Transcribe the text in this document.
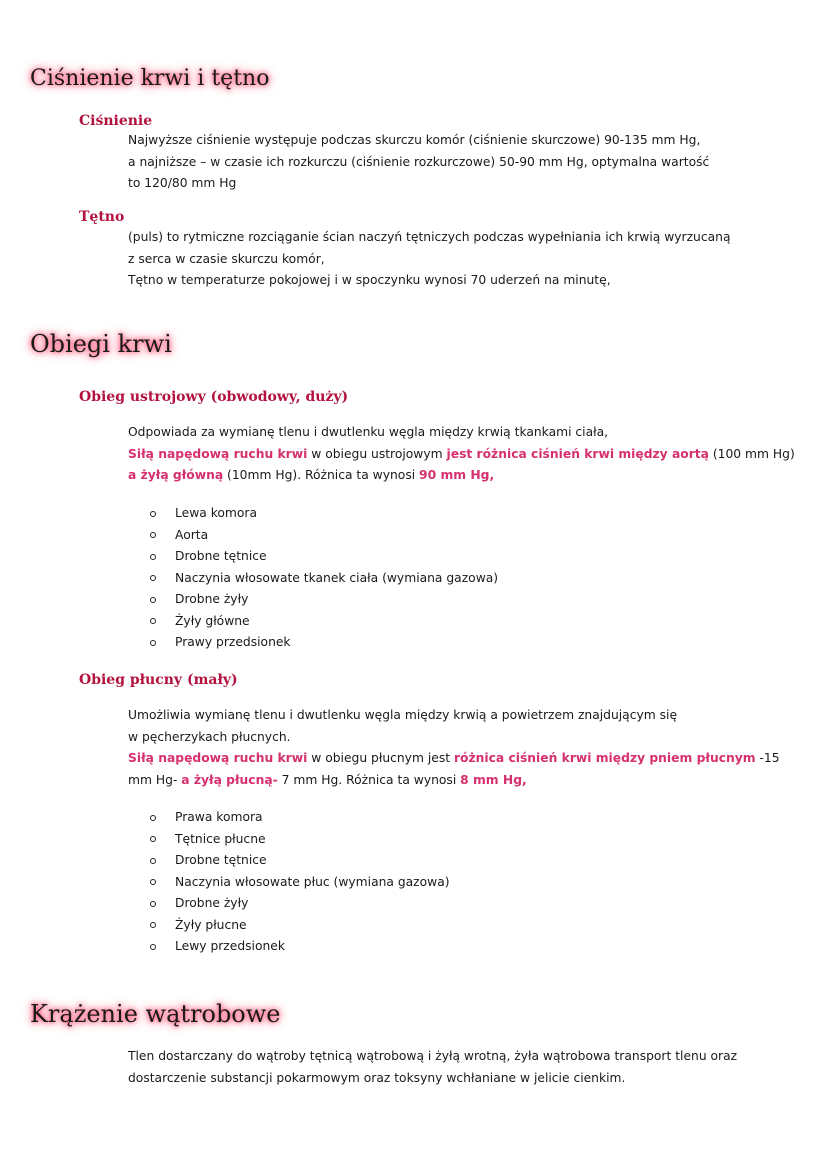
Ciśnienie krwi i tętno
Ciśnienie
Najwyższe ciśnienie występuje podczas skurczu komór (ciśnienie skurczowe) 90-135 mm Hg,
a najniższe – w czasie ich rozkurczu (ciśnienie rozkurczowe) 50-90 mm Hg, optymalna wartość
to 120/80 mm Hg
Tętno
(puls) to rytmiczne rozciąganie ścian naczyń tętniczych podczas wypełniania ich krwią wyrzucaną
z serca w czasie skurczu komór,
Tętno w temperaturze pokojowej i w spoczynku wynosi 70 uderzeń na minutę,
Obiegi krwi
Obieg ustrojowy (obwodowy, duży)
Odpowiada za wymianę tlenu i dwutlenku węgla między krwią tkankami ciała,
Siłą napędową ruchu krwi w obiegu ustrojowym jest różnica ciśnień krwi między aortą (100 mm Hg)
a żyłą główną (10mm Hg). Różnica ta wynosi 90 mm Hg,
Lewa komora
Aorta
Drobne tętnice
Naczynia włosowate tkanek ciała (wymiana gazowa)
Drobne żyły
Żyły główne
Prawy przedsionek
Obieg płucny (mały)
Umożliwia wymianę tlenu i dwutlenku węgla między krwią a powietrzem znajdującym się
w pęcherzykach płucnych.
Siłą napędową ruchu krwi w obiegu płucnym jest różnica ciśnień krwi między pniem płucnym -15
mm Hg- a żyłą płucną- 7 mm Hg. Różnica ta wynosi 8 mm Hg,
Prawa komora
Tętnice płucne
Drobne tętnice
Naczynia włosowate płuc (wymiana gazowa)
Drobne żyły
Żyły płucne
Lewy przedsionek
Krążenie wątrobowe
Tlen dostarczany do wątroby tętnicą wątrobową i żyłą wrotną, żyła wątrobowa transport tlenu oraz
dostarczenie substancji pokarmowym oraz toksyny wchłaniane w jelicie cienkim.
